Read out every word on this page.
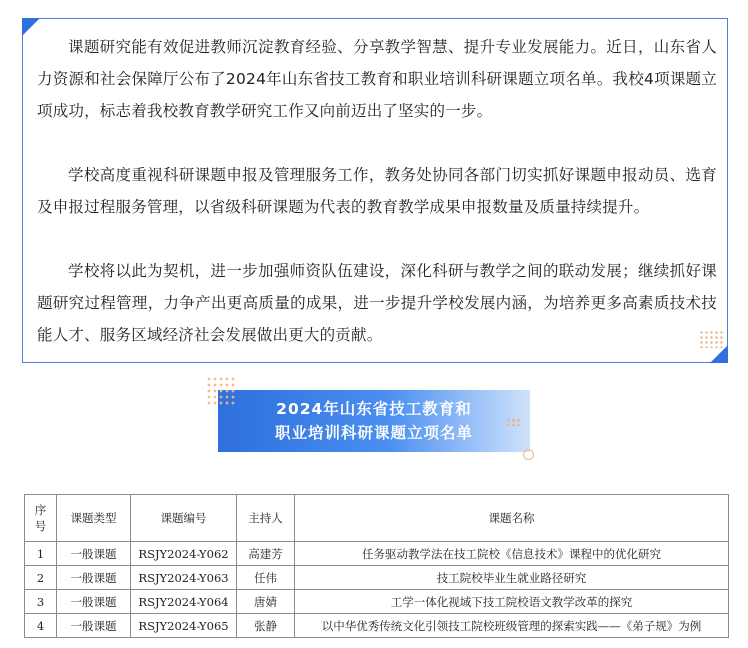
课题研究能有效促进教师沉淀教育经验、分享教学智慧、提升专业发展能力。近日，山东省人力资源和社会保障厅公布了2024年山东省技工教育和职业培训科研课题立项名单。我校4项课题立项成功，标志着我校教育教学研究工作又向前迈出了坚实的一步。

学校高度重视科研课题申报及管理服务工作，教务处协同各部门切实抓好课题申报动员、选育及申报过程服务管理，以省级科研课题为代表的教育教学成果申报数量及质量持续提升。

学校将以此为契机，进一步加强师资队伍建设，深化科研与教学之间的联动发展；继续抓好课题研究过程管理，力争产出更高质量的成果，进一步提升学校发展内涵，为培养更多高素质技术技能人才、服务区域经济社会发展做出更大的贡献。

2024年山东省技工教育和
职业培训科研课题立项名单
序
号	课题类型	课题编号	主持人	课题名称
1	一般课题	RSJY2024-Y062	高建芳	任务驱动教学法在技工院校《信息技术》课程中的优化研究
2	一般课题	RSJY2024-Y063	任伟	技工院校毕业生就业路径研究
3	一般课题	RSJY2024-Y064	唐婧	工学一体化视域下技工院校语文教学改革的探究
4	一般课题	RSJY2024-Y065	张静	以中华优秀传统文化引领技工院校班级管理的探索实践——《弟子规》为例
